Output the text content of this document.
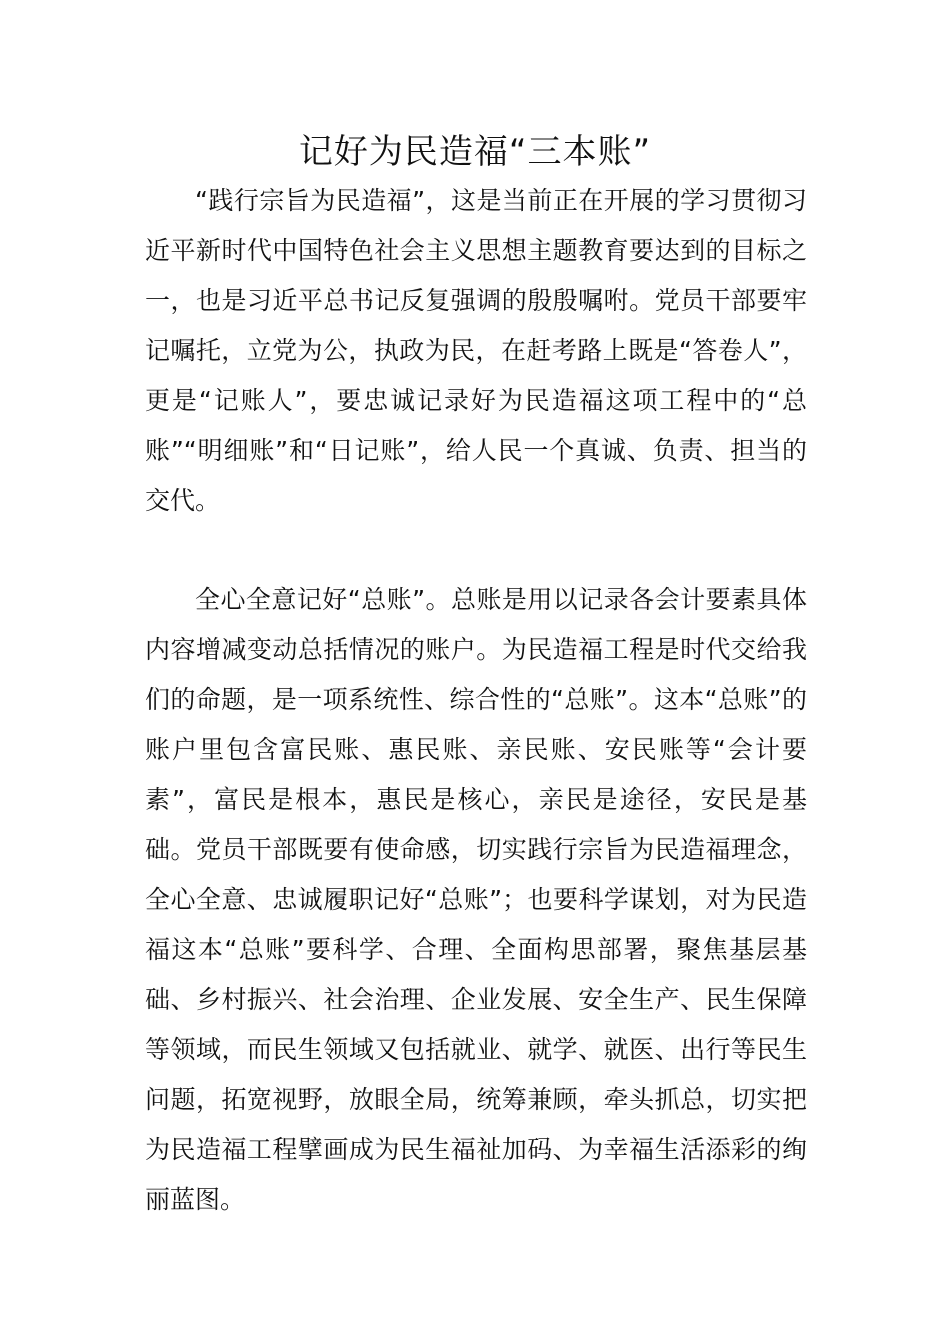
记好为民造福“三本账”

“践行宗旨为民造福”，这是当前正在开展的学习贯彻习近平新时代中国特色社会主义思想主题教育要达到的目标之一，也是习近平总书记反复强调的殷殷嘱咐。党员干部要牢记嘱托，立党为公，执政为民，在赶考路上既是“答卷人”，更是“记账人”，要忠诚记录好为民造福这项工程中的“总账”“明细账”和“日记账”，给人民一个真诚、负责、担当的交代。

全心全意记好“总账”。总账是用以记录各会计要素具体内容增减变动总括情况的账户。为民造福工程是时代交给我们的命题，是一项系统性、综合性的“总账”。这本“总账”的账户里包含富民账、惠民账、亲民账、安民账等“会计要素”，富民是根本，惠民是核心，亲民是途径，安民是基础。党员干部既要有使命感，切实践行宗旨为民造福理念，全心全意、忠诚履职记好“总账”；也要科学谋划，对为民造福这本“总账”要科学、合理、全面构思部署，聚焦基层基础、乡村振兴、社会治理、企业发展、安全生产、民生保障等领域，而民生领域又包括就业、就学、就医、出行等民生问题，拓宽视野，放眼全局，统筹兼顾，牵头抓总，切实把为民造福工程擘画成为民生福祉加码、为幸福生活添彩的绚丽蓝图。
